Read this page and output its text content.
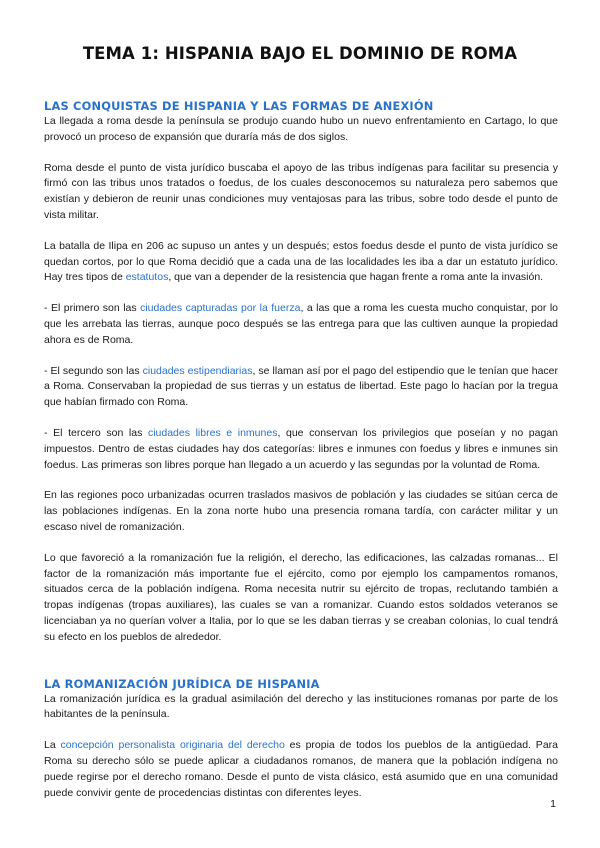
TEMA 1: HISPANIA BAJO EL DOMINIO DE ROMA
LAS CONQUISTAS DE HISPANIA Y LAS FORMAS DE ANEXIÓN

La llegada a roma desde la península se produjo cuando hubo un nuevo enfrentamiento en Cartago, lo que provocó un proceso de expansión que duraría más de dos siglos.

Roma desde el punto de vista jurídico buscaba el apoyo de las tribus indígenas para facilitar su presencia y firmó con las tribus unos tratados o foedus, de los cuales desconocemos su naturaleza pero sabemos que existían y debieron de reunir unas condiciones muy ventajosas para las tribus, sobre todo desde el punto de vista militar.

La batalla de Ilipa en 206 ac supuso un antes y un después; estos foedus desde el punto de vista jurídico se quedan cortos, por lo que Roma decidió que a cada una de las localidades les iba a dar un estatuto jurídico. Hay tres tipos de estatutos, que van a depender de la resistencia que hagan frente a roma ante la invasión.

- El primero son las ciudades capturadas por la fuerza, a las que a roma les cuesta mucho conquistar, por lo que les arrebata las tierras, aunque poco después se las entrega para que las cultiven aunque la propiedad ahora es de Roma.

- El segundo son las ciudades estipendiarias, se llaman así por el pago del estipendio que le tenían que hacer a Roma. Conservaban la propiedad de sus tierras y un estatus de libertad. Este pago lo hacían por la tregua que habían firmado con Roma.

- El tercero son las ciudades libres e inmunes, que conservan los privilegios que poseían y no pagan impuestos. Dentro de estas ciudades hay dos categorías: libres e inmunes con foedus y libres e inmunes sin foedus. Las primeras son libres porque han llegado a un acuerdo y las segundas por la voluntad de Roma.

En las regiones poco urbanizadas ocurren traslados masivos de población y las ciudades se sitúan cerca de las poblaciones indígenas. En la zona norte hubo una presencia romana tardía, con carácter militar y un escaso nivel de romanización.

Lo que favoreció a la romanización fue la religión, el derecho, las edificaciones, las calzadas romanas... El factor de la romanización más importante fue el ejército, como por ejemplo los campamentos romanos, situados cerca de la población indígena. Roma necesita nutrir su ejército de tropas, reclutando también a tropas indígenas (tropas auxiliares), las cuales se van a romanizar. Cuando estos soldados veteranos se licenciaban ya no querían volver a Italia, por lo que se les daban tierras y se creaban colonias, lo cual tendrá su efecto en los pueblos de alrededor.

LA ROMANIZACIÓN JURÍDICA DE HISPANIA

La romanización jurídica es la gradual asimilación del derecho y las instituciones romanas por parte de los habitantes de la península.

La concepción personalista originaria del derecho es propia de todos los pueblos de la antigüedad. Para Roma su derecho sólo se puede aplicar a ciudadanos romanos, de manera que la población indígena no puede regirse por el derecho romano. Desde el punto de vista clásico, está asumido que en una comunidad puede convivir gente de procedencias distintas con diferentes leyes.

1
